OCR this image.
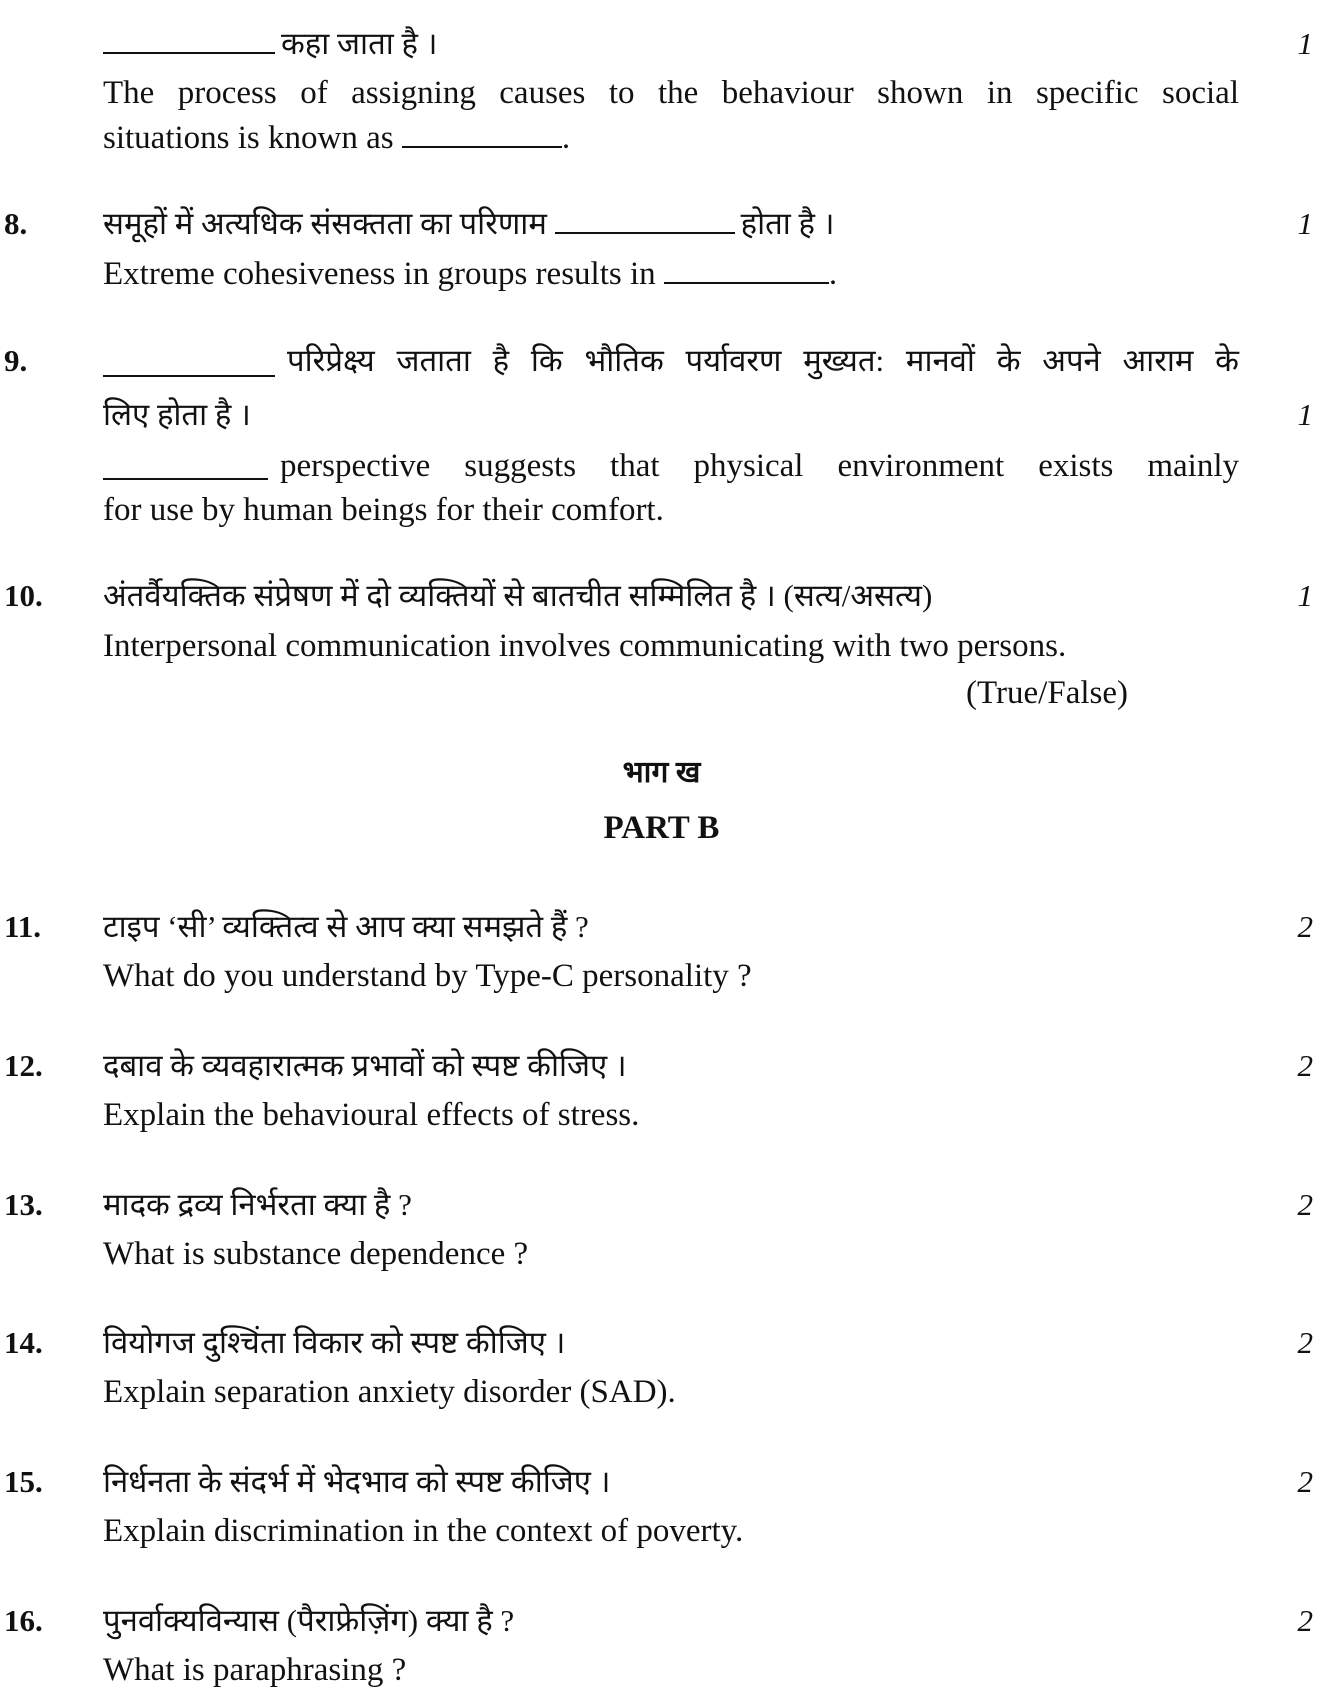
कहा जाता है ।	1
The process of assigning causes to the behaviour shown in specific social
situations is known as	.
8. समूहों में अत्यधिक संसक्तता का परिणाम	होता है ।	1
Extreme cohesiveness in groups results in	.
9.	परिप्रेक्ष्य जताता है कि भौतिक पर्यावरण मुख्यत: मानवों के अपने आराम के
लिए होता है ।	1
perspective suggests that physical environment exists mainly
for use by human beings for their comfort.
10. अंतर्वैयक्तिक संप्रेषण में दो व्यक्तियों से बातचीत सम्मिलित है । (सत्य/असत्य)	1
Interpersonal communication involves communicating with two persons.
(True/False)
भाग ख
PART B
11. टाइप ‘सी’ व्यक्तित्व से आप क्या समझते हैं ?	2
What do you understand by Type-C personality ?
12. दबाव के व्यवहारात्मक प्रभावों को स्पष्ट कीजिए ।	2
Explain the behavioural effects of stress.
13. मादक द्रव्य निर्भरता क्या है ?	2
What is substance dependence ?
14. वियोगज दुश्चिंता विकार को स्पष्ट कीजिए ।	2
Explain separation anxiety disorder (SAD).
15. निर्धनता के संदर्भ में भेदभाव को स्पष्ट कीजिए ।	2
Explain discrimination in the context of poverty.
16. पुनर्वाक्यविन्यास (पैराफ्रेज़िंग) क्या है ?	2
What is paraphrasing ?
